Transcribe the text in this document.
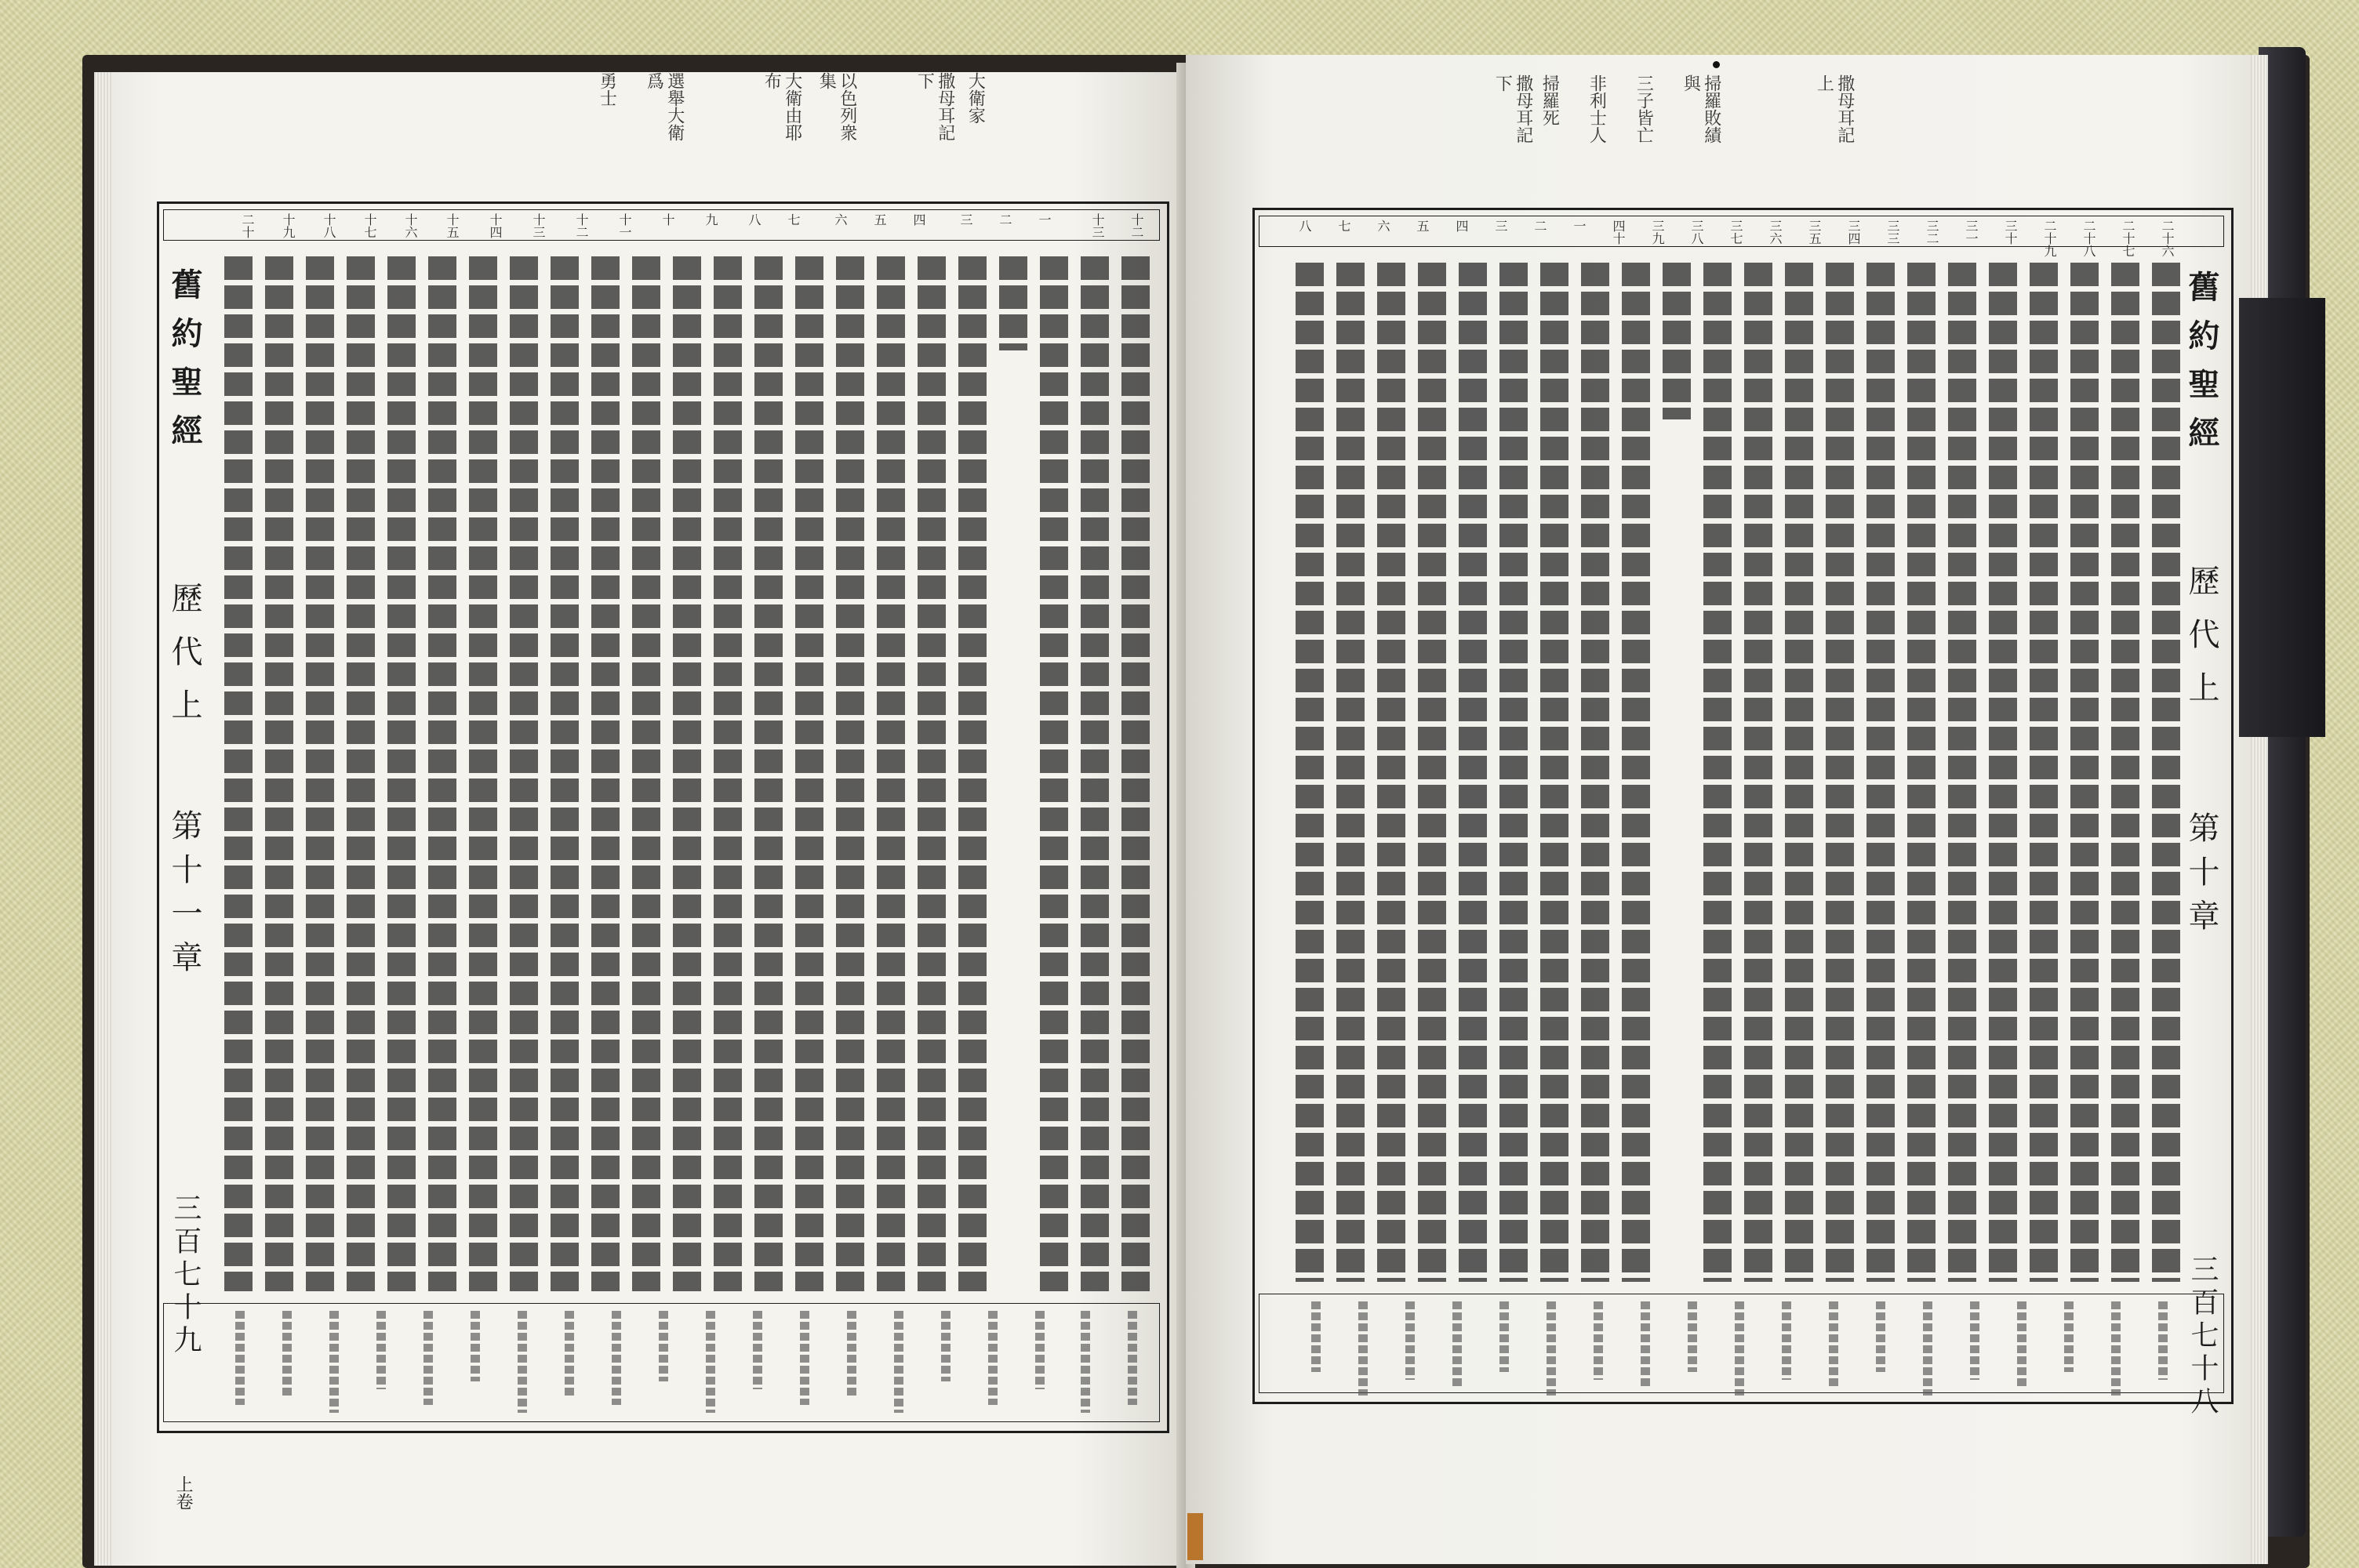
撒母耳記下	大衛家
以色列衆集
大衛由耶布
選舉大衛爲
勇士
舊約聖經
歷代上
第十一章
三百七十九
上卷
十二
十三
一
二
三
四
五
六
七
八
九
十
十一
十二
十三
十四
十五
十六
十七
十八
十九
二十
撒母耳記上
掃羅敗績與
三子皆亡
非利士人
掃羅死
撒母耳記下
舊約聖經
歷代上
第十章
三百七十八
二十六
二十七
二十八
二十九
三十
三一
三二
三三
三四
三五
三六
三七
三八
三九
四十
一
二
三
四
五
六
七
八
